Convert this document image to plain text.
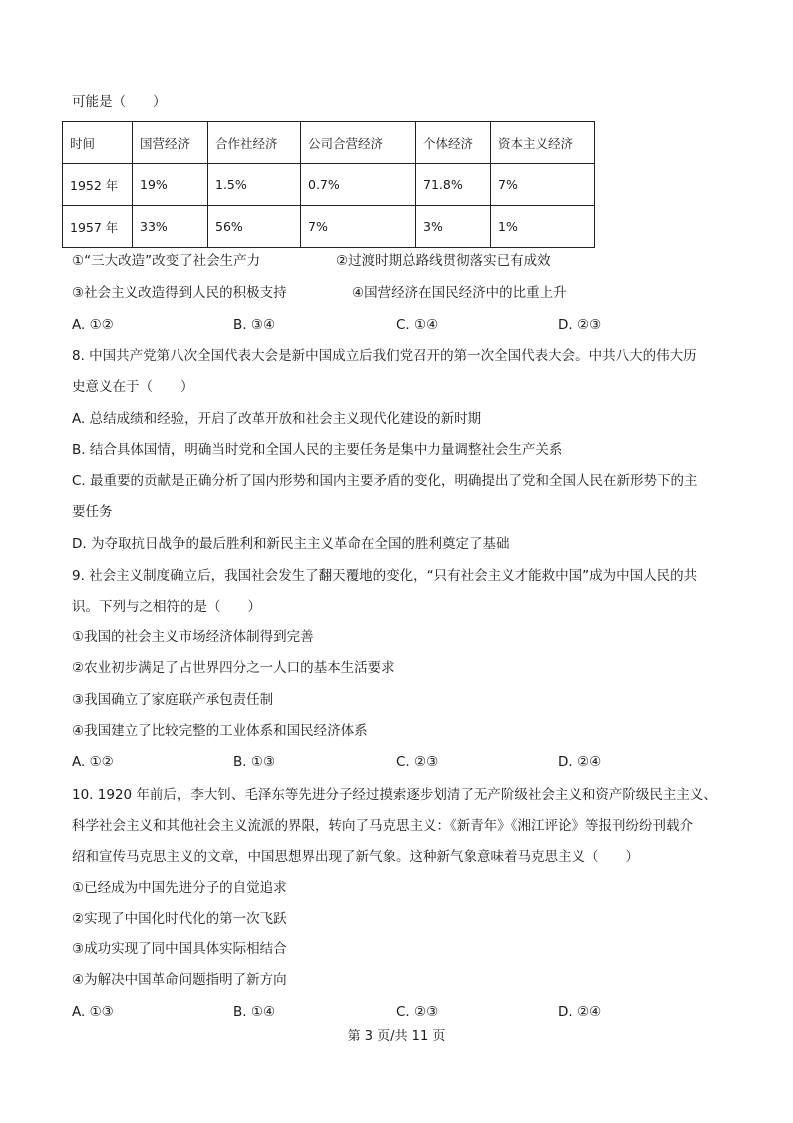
可能是（　　）
时间	国营经济	合作社经济	公司合营经济	个体经济	资本主义经济
1952 年	19%	1.5%	0.7%	71.8%	7%
1957 年	33%	56%	7%	3%	1%
①“三大改造”改变了社会生产力	②过渡时期总路线贯彻落实已有成效
③社会主义改造得到人民的积极支持	④国营经济在国民经济中的比重上升
A. ①②	B. ③④	C. ①④	D. ②③
8. 中国共产党第八次全国代表大会是新中国成立后我们党召开的第一次全国代表大会。中共八大的伟大历
史意义在于（　　）
A. 总结成绩和经验，开启了改革开放和社会主义现代化建设的新时期
B. 结合具体国情，明确当时党和全国人民的主要任务是集中力量调整社会生产关系
C. 最重要的贡献是正确分析了国内形势和国内主要矛盾的变化，明确提出了党和全国人民在新形势下的主
要任务
D. 为夺取抗日战争的最后胜利和新民主主义革命在全国的胜利奠定了基础
9. 社会主义制度确立后，我国社会发生了翻天覆地的变化，“只有社会主义才能救中国”成为中国人民的共
识。下列与之相符的是（　　）
①我国的社会主义市场经济体制得到完善
②农业初步满足了占世界四分之一人口的基本生活要求
③我国确立了家庭联产承包责任制
④我国建立了比较完整的工业体系和国民经济体系
A. ①②	B. ①③	C. ②③	D. ②④
10. 1920 年前后，李大钊、毛泽东等先进分子经过摸索逐步划清了无产阶级社会主义和资产阶级民主主义、
科学社会主义和其他社会主义流派的界限，转向了马克思主义：《新青年》《湘江评论》等报刊纷纷刊载介
绍和宣传马克思主义的文章，中国思想界出现了新气象。这种新气象意味着马克思主义（　　）
①已经成为中国先进分子的自觉追求
②实现了中国化时代化的第一次飞跃
③成功实现了同中国具体实际相结合
④为解决中国革命问题指明了新方向
A. ①③	B. ①④	C. ②③	D. ②④
第 3 页/共 11 页
